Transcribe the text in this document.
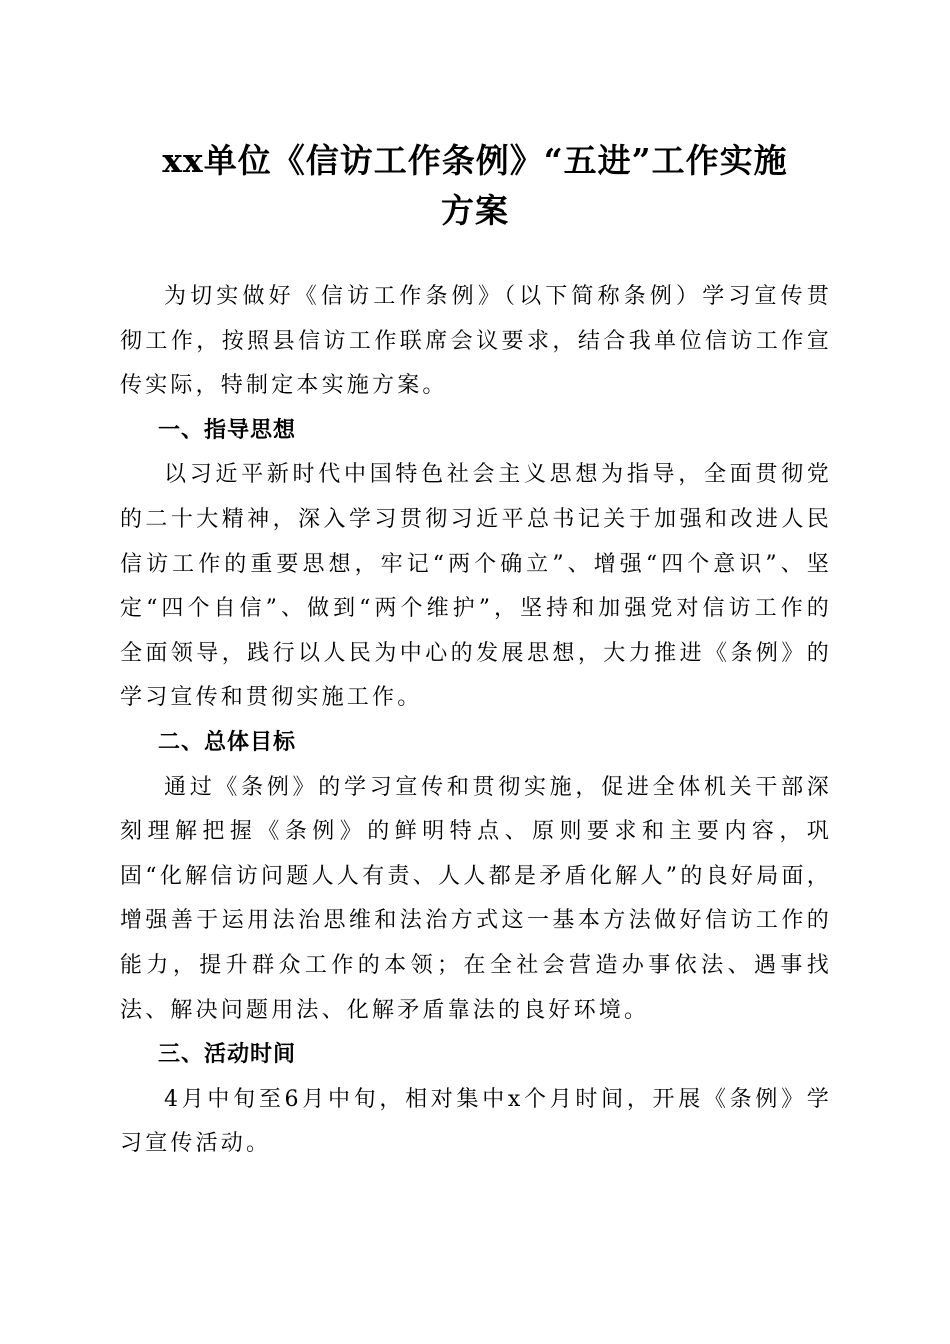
xx单位《信访工作条例》“五进”工作实施
方案

为切实做好《信访工作条例》（以下简称条例）学习宣传贯彻工作，按照县信访工作联席会议要求，结合我单位信访工作宣传实际，特制定本实施方案。

一、指导思想

以习近平新时代中国特色社会主义思想为指导，全面贯彻党的二十大精神，深入学习贯彻习近平总书记关于加强和改进人民信访工作的重要思想，牢记“两个确立”、增强“四个意识”、坚定“四个自信”、做到“两个维护”，坚持和加强党对信访工作的全面领导，践行以人民为中心的发展思想，大力推进《条例》的学习宣传和贯彻实施工作。

二、总体目标

通过《条例》的学习宣传和贯彻实施，促进全体机关干部深刻理解把握《条例》的鲜明特点、原则要求和主要内容，巩固“化解信访问题人人有责、人人都是矛盾化解人”的良好局面，增强善于运用法治思维和法治方式这一基本方法做好信访工作的能力，提升群众工作的本领；在全社会营造办事依法、遇事找法、解决问题用法、化解矛盾靠法的良好环境。

三、活动时间

4月中旬至6月中旬，相对集中x个月时间，开展《条例》学习宣传活动。
